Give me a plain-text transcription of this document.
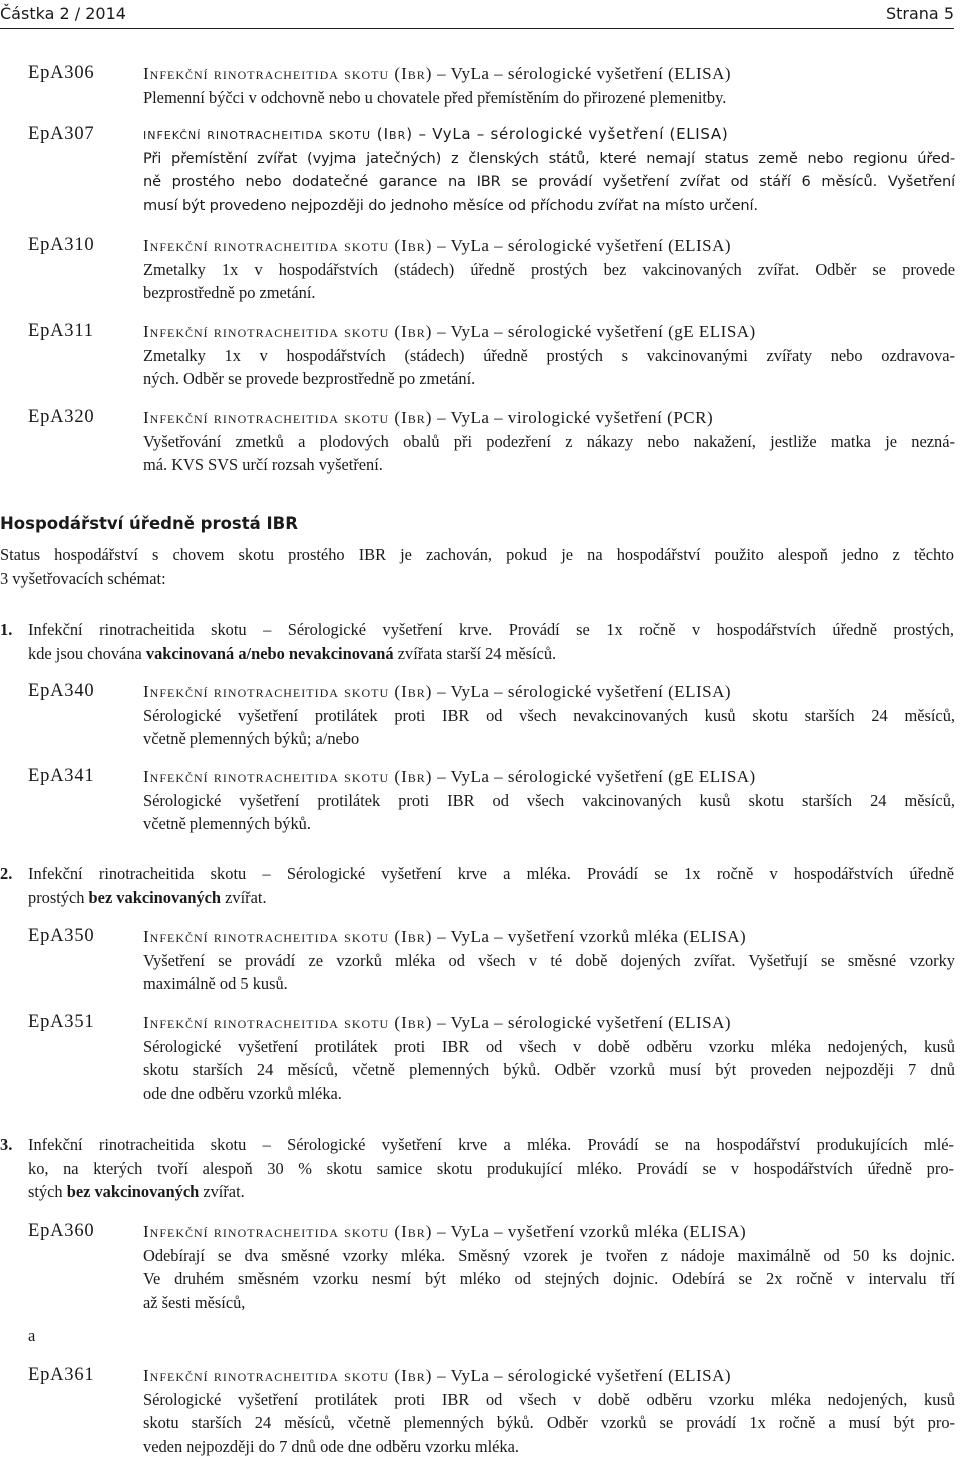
Částka 2 / 2014	Strana 5
EpA306	Infekční rinotracheitida skotu (Ibr) – VyLa – sérologické vyšetření (ELISA)
Plemenní býčci v odchovně nebo u chovatele před přemístěním do přirozené plemenitby.
EpA307	infekční rinotracheitida skotu (Ibr) – VyLa – sérologické vyšetření (ELISA)
Při přemístění zvířat (vyjma jatečných) z členských států, které nemají status země nebo regionu úřed-
ně prostého nebo dodatečné garance na IBR se provádí vyšetření zvířat od stáří 6 měsíců. Vyšetření
musí být provedeno nejpozději do jednoho měsíce od příchodu zvířat na místo určení.
EpA310	Infekční rinotracheitida skotu (Ibr) – VyLa – sérologické vyšetření (ELISA)
Zmetalky 1x v hospodářstvích (stádech) úředně prostých bez vakcinovaných zvířat. Odběr se provede
bezprostředně po zmetání.
EpA311	Infekční rinotracheitida skotu (Ibr) – VyLa – sérologické vyšetření (gE ELISA)
Zmetalky 1x v hospodářstvích (stádech) úředně prostých s vakcinovanými zvířaty nebo ozdravova-
ných. Odběr se provede bezprostředně po zmetání.
EpA320	Infekční rinotracheitida skotu (Ibr) – VyLa – virologické vyšetření (PCR)
Vyšetřování zmetků a plodových obalů při podezření z nákazy nebo nakažení, jestliže matka je nezná-
má. KVS SVS určí rozsah vyšetření.
Hospodářství úředně prostá IBR
Status hospodářství s chovem skotu prostého IBR je zachován, pokud je na hospodářství použito alespoň jedno z těchto
3 vyšetřovacích schémat:
1. Infekční rinotracheitida skotu – Sérologické vyšetření krve. Provádí se 1x ročně v hospodářstvích úředně prostých,
kde jsou chována vakcinovaná a/nebo nevakcinovaná zvířata starší 24 měsíců.
EpA340	Infekční rinotracheitida skotu (Ibr) – VyLa – sérologické vyšetření (ELISA)
Sérologické vyšetření protilátek proti IBR od všech nevakcinovaných kusů skotu starších 24 měsíců,
včetně plemenných býků; a/nebo
EpA341	Infekční rinotracheitida skotu (Ibr) – VyLa – sérologické vyšetření (gE ELISA)
Sérologické vyšetření protilátek proti IBR od všech vakcinovaných kusů skotu starších 24 měsíců,
včetně plemenných býků.
2. Infekční rinotracheitida skotu – Sérologické vyšetření krve a mléka. Provádí se 1x ročně v hospodářstvích úředně
prostých bez vakcinovaných zvířat.
EpA350	Infekční rinotracheitida skotu (Ibr) – VyLa – vyšetření vzorků mléka (ELISA)
Vyšetření se provádí ze vzorků mléka od všech v té době dojených zvířat. Vyšetřují se směsné vzorky
maximálně od 5 kusů.
EpA351	Infekční rinotracheitida skotu (Ibr) – VyLa – sérologické vyšetření (ELISA)
Sérologické vyšetření protilátek proti IBR od všech v době odběru vzorku mléka nedojených, kusů
skotu starších 24 měsíců, včetně plemenných býků. Odběr vzorků musí být proveden nejpozději 7 dnů
ode dne odběru vzorků mléka.
3. Infekční rinotracheitida skotu – Sérologické vyšetření krve a mléka. Provádí se na hospodářství produkujících mlé-
ko, na kterých tvoří alespoň 30 % skotu samice skotu produkující mléko. Provádí se v hospodářstvích úředně pro-
stých bez vakcinovaných zvířat.
EpA360	Infekční rinotracheitida skotu (Ibr) – VyLa – vyšetření vzorků mléka (ELISA)
Odebírají se dva směsné vzorky mléka. Směsný vzorek je tvořen z nádoje maximálně od 50 ks dojnic.
Ve druhém směsném vzorku nesmí být mléko od stejných dojnic. Odebírá se 2x ročně v intervalu tří
až šesti měsíců,
a
EpA361	Infekční rinotracheitida skotu (Ibr) – VyLa – sérologické vyšetření (ELISA)
Sérologické vyšetření protilátek proti IBR od všech v době odběru vzorku mléka nedojených, kusů
skotu starších 24 měsíců, včetně plemenných býků. Odběr vzorků se provádí 1x ročně a musí být pro-
veden nejpozději do 7 dnů ode dne odběru vzorku mléka.
